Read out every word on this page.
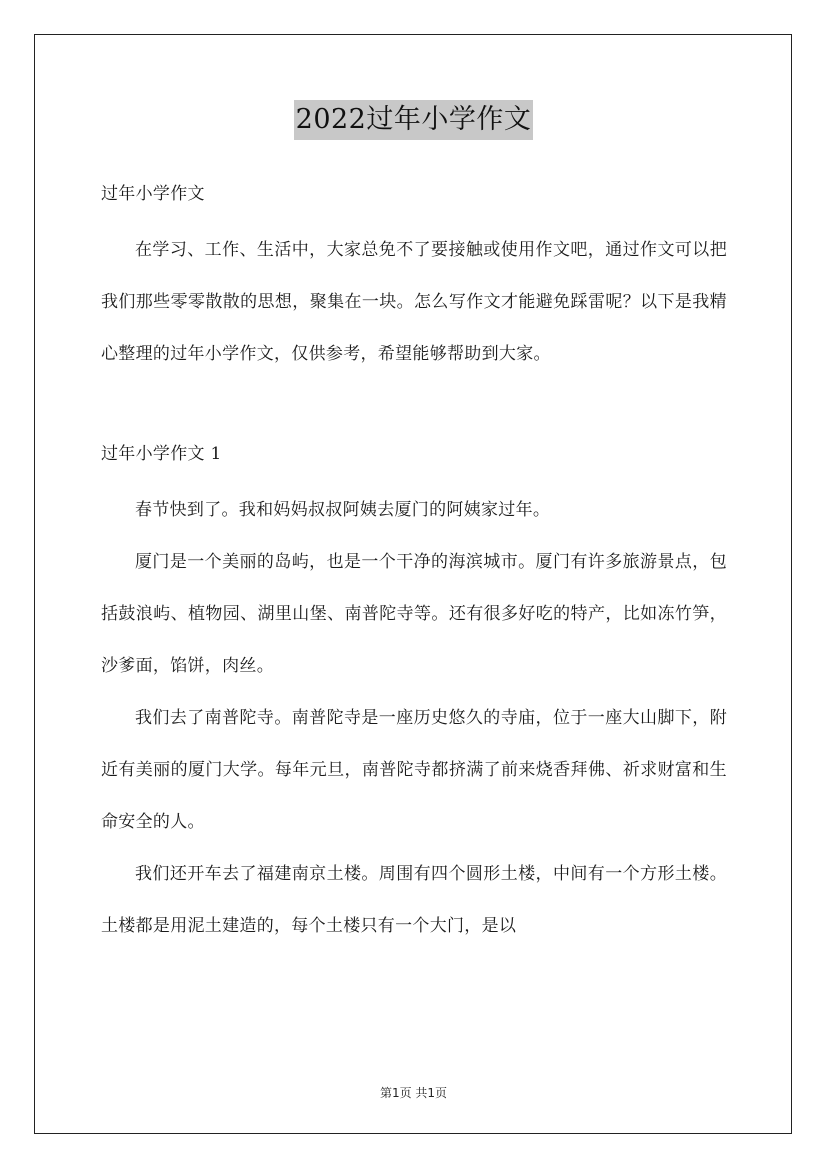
2022过年小学作文
过年小学作文

在学习、工作、生活中，大家总免不了要接触或使用作文吧，通过作文可以把我们那些零零散散的思想，聚集在一块。怎么写作文才能避免踩雷呢？以下是我精心整理的过年小学作文，仅供参考，希望能够帮助到大家。

过年小学作文 1

春节快到了。我和妈妈叔叔阿姨去厦门的阿姨家过年。

厦门是一个美丽的岛屿，也是一个干净的海滨城市。厦门有许多旅游景点，包括鼓浪屿、植物园、湖里山堡、南普陀寺等。还有很多好吃的特产，比如冻竹笋，沙爹面，馅饼，肉丝。

我们去了南普陀寺。南普陀寺是一座历史悠久的寺庙，位于一座大山脚下，附近有美丽的厦门大学。每年元旦，南普陀寺都挤满了前来烧香拜佛、祈求财富和生命安全的人。

我们还开车去了福建南京土楼。周围有四个圆形土楼，中间有一个方形土楼。土楼都是用泥土建造的，每个土楼只有一个大门，是以

第1页 共1页
